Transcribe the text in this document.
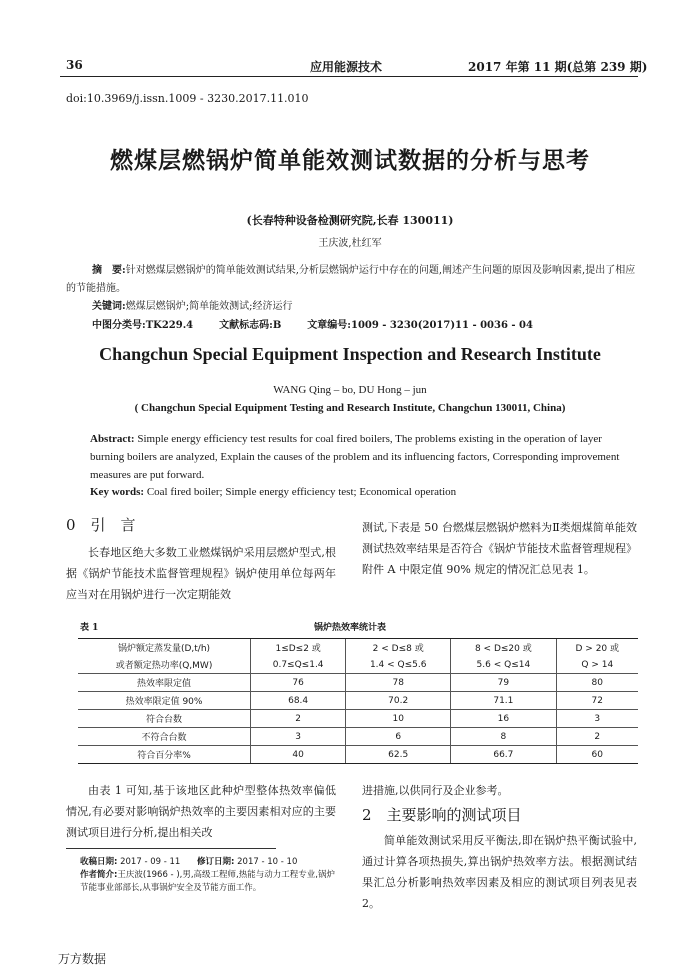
36	应用能源技术	2017 年第 11 期(总第 239 期)
doi:10.3969/j.issn.1009 - 3230.2017.11.010
燃煤层燃锅炉简单能效测试数据的分析与思考
(长春特种设备检测研究院,长春 130011)
王庆波,杜红军
摘　要:针对燃煤层燃锅炉的简单能效测试结果,分析层燃锅炉运行中存在的问题,阐述产生问题的原因及影响因素,提出了相应的节能措施。
关键词:燃煤层燃锅炉;简单能效测试;经济运行
中图分类号:TK229.4	文献标志码:B	文章编号:1009 - 3230(2017)11 - 0036 - 04
Changchun Special Equipment Inspection and Research Institute
WANG Qing – bo, DU Hong – jun
( Changchun Special Equipment Testing and Research Institute, Changchun 130011, China)
Abstract: Simple energy efficiency test results for coal fired boilers, The problems existing in the operation of layer burning boilers are analyzed, Explain the causes of the problem and its influencing factors, Corresponding improvement measures are put forward.
Key words: Coal fired boiler; Simple energy efficiency test; Economical operation
0　引　言
长春地区绝大多数工业燃煤锅炉采用层燃炉型式,根据《锅炉节能技术监督管理规程》锅炉使用单位每两年应当对在用锅炉进行一次定期能效
测试,下表是 50 台燃煤层燃锅炉燃料为Ⅱ类烟煤简单能效测试热效率结果是否符合《锅炉节能技术监督管理规程》附件 A 中限定值 90% 规定的情况汇总见表 1。
表 1	锅炉热效率统计表
锅炉额定蒸发量(D,t/h)	1≤D≤2 或	2 < D≤8 或	8 < D≤20 或	D > 20 或
或者额定热功率(Q,MW)	0.7≤Q≤1.4	1.4 < Q≤5.6	5.6 < Q≤14	Q > 14
热效率限定值	76	78	79	80
热效率限定值 90%	68.4	70.2	71.1	72
符合台数	2	10	16	3
不符合台数	3	6	8	2
符合百分率%	40	62.5	66.7	60
由表 1 可知,基于该地区此种炉型整体热效率偏低情况,有必要对影响锅炉热效率的主要因素相对应的主要测试项目进行分析,提出相关改
进措施,以供同行及企业参考。
2　主要影响的测试项目
简单能效测试采用反平衡法,即在锅炉热平衡试验中,通过计算各项热损失,算出锅炉热效率方法。根据测试结果汇总分析影响热效率因素及相应的测试项目列表见表 2。
收稿日期: 2017 - 09 - 11 修订日期: 2017 - 10 - 10
作者简介:王庆波(1966 - ),男,高级工程师,热能与动力工程专业,锅炉节能事业部部长,从事锅炉安全及节能方面工作。
万方数据
